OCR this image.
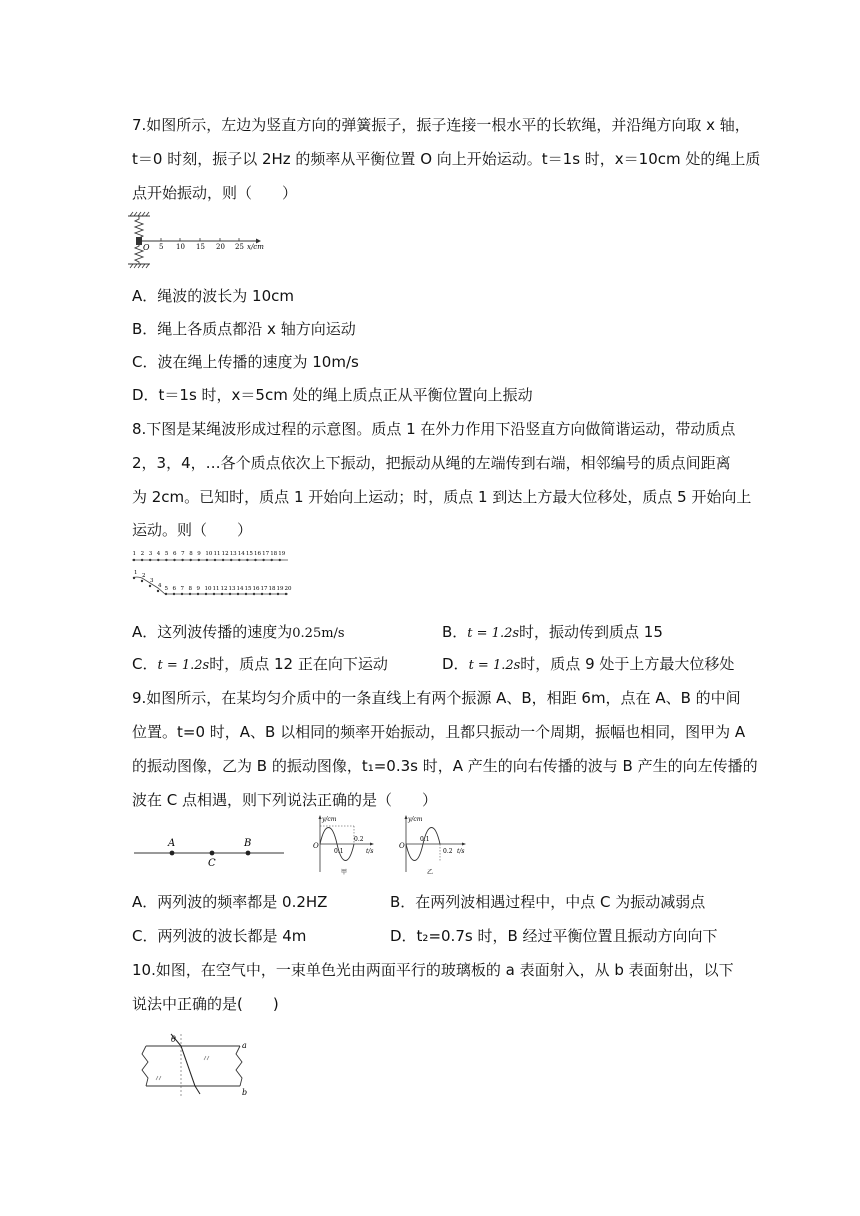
7.如图所示，左边为竖直方向的弹簧振子，振子连接一根水平的长软绳，并沿绳方向取 x 轴，
t＝0 时刻，振子以 2Hz 的频率从平衡位置 O 向上开始运动。t＝1s 时，x＝10cm 处的绳上质
点开始振动，则（　　）
O 5 10 15 20 25 x/cm
A．绳波的波长为 10cm
B．绳上各质点都沿 x 轴方向运动
C．波在绳上传播的速度为 10m/s
D．t＝1s 时，x＝5cm 处的绳上质点正从平衡位置向上振动
8.下图是某绳波形成过程的示意图。质点 1 在外力作用下沿竖直方向做简谐运动，带动质点
2，3，4，…各个质点依次上下振动，把振动从绳的左端传到右端，相邻编号的质点间距离
为 2cm。已知时，质点 1 开始向上运动；时，质点 1 到达上方最大位移处，质点 5 开始向上
运动。则（　　）
1 2 3 4 5 6 7 8 9 10 11 12 13 14 15 16 17 18 19
1 2
3
4 5 6 7 8 9 10 11 12 13 14 15 16 17 18 19 20
A．这列波传播的速度为0.25m/s	B．t = 1.2s时，振动传到质点 15
C．t = 1.2s时，质点 12 正在向下运动	D．t = 1.2s时，质点 9 处于上方最大位移处
9.如图所示，在某均匀介质中的一条直线上有两个振源 A、B，相距 6m，点在 A、B 的中间
位置。t=0 时，A、B 以相同的频率开始振动，且都只振动一个周期，振幅也相同，图甲为 A
的振动图像，乙为 B 的振动图像，t₁=0.3s 时，A 产生的向右传播的波与 B 产生的向左传播的
波在 C 点相遇，则下列说法正确的是（　　）
A
C
B
y/cm
O
0.1
0.2
t/s
甲
y/cm
O
0.1
0.2 t/s
乙
A．两列波的频率都是 0.2HZ	B．在两列波相遇过程中，中点 C 为振动减弱点
C．两列波的波长都是 4m	D．t₂=0.7s 时，B 经过平衡位置且振动方向向下
10.如图，在空气中，一束单色光由两面平行的玻璃板的 a 表面射入，从 b 表面射出，以下
说法中正确的是(　　)
θ
a
b
